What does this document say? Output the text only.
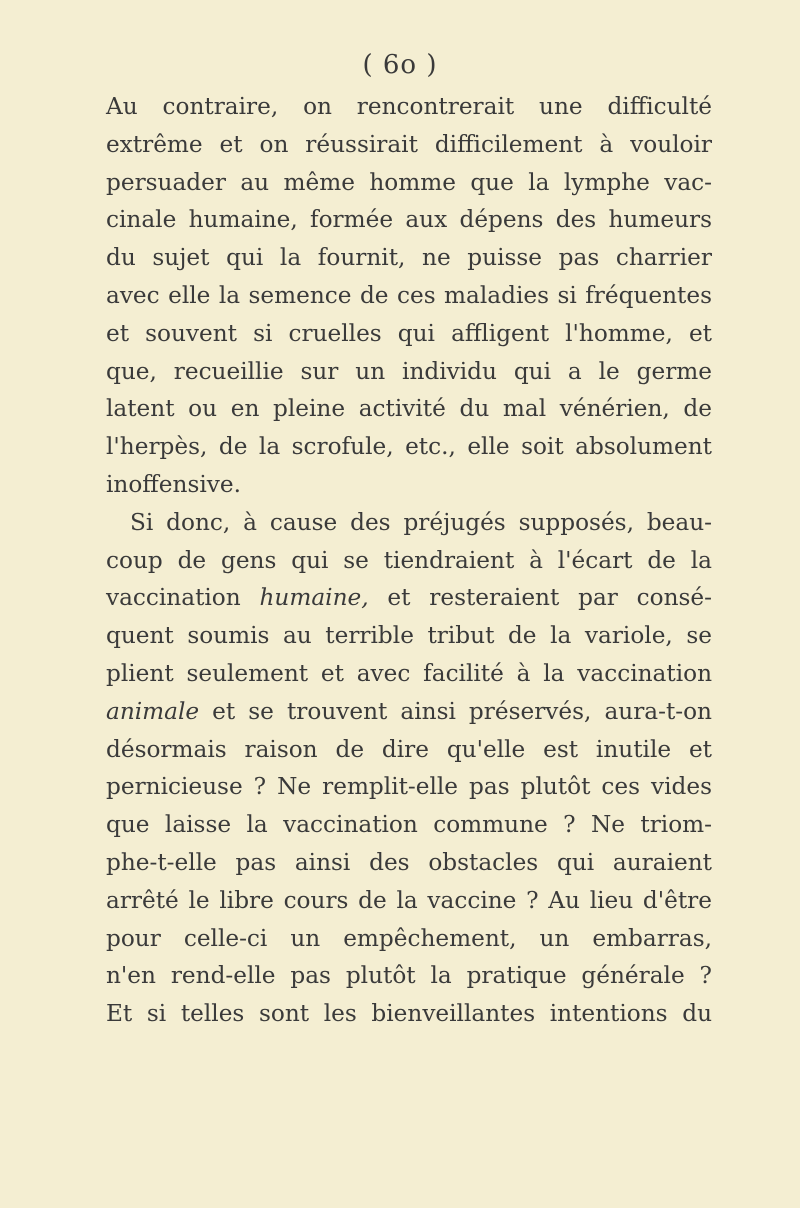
( 6o )
Au contraire, on rencontrerait une difficulté
extrême et on réussirait difficilement à vouloir
persuader au même homme que la lymphe vac-
cinale humaine, formée aux dépens des humeurs
du sujet qui la fournit, ne puisse pas charrier
avec elle la semence de ces maladies si fréquentes
et souvent si cruelles qui affligent l'homme, et
que, recueillie sur un individu qui a le germe
latent ou en pleine activité du mal vénérien, de
l'herpès, de la scrofule, etc., elle soit absolument
inoffensive.
Si donc, à cause des préjugés supposés, beau-
coup de gens qui se tiendraient à l'écart de la
vaccination humaine, et resteraient par consé-
quent soumis au terrible tribut de la variole, se
plient seulement et avec facilité à la vaccination
animale et se trouvent ainsi préservés, aura-t-on
désormais raison de dire qu'elle est inutile et
pernicieuse ? Ne remplit-elle pas plutôt ces vides
que laisse la vaccination commune ? Ne triom-
phe-t-elle pas ainsi des obstacles qui auraient
arrêté le libre cours de la vaccine ? Au lieu d'être
pour celle-ci un empêchement, un embarras,
n'en rend-elle pas plutôt la pratique générale ?
Et si telles sont les bienveillantes intentions du
